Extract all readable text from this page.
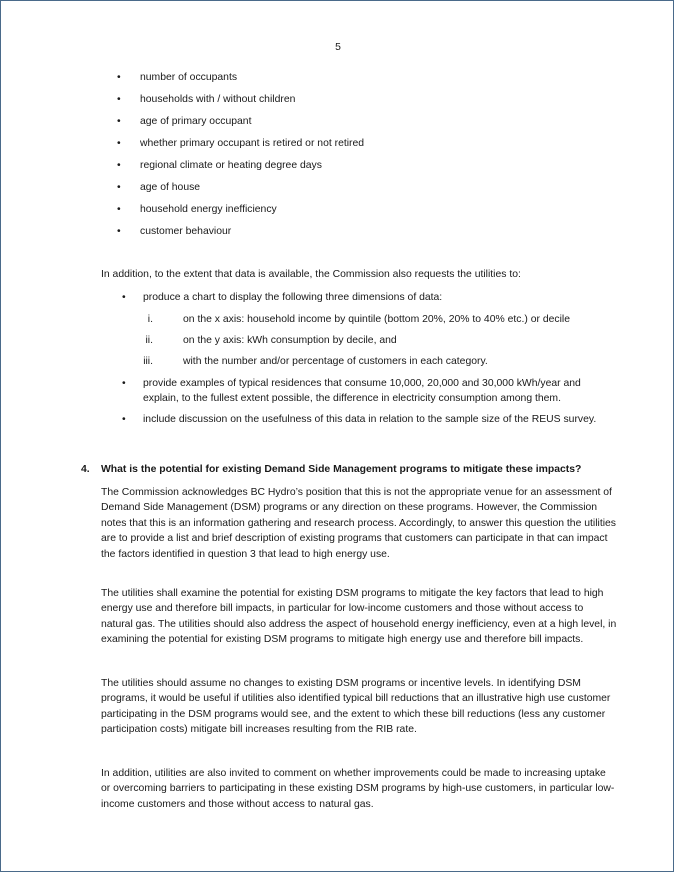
5
• number of occupants
• households with / without children
• age of primary occupant
• whether primary occupant is retired or not retired
• regional climate or heating degree days
• age of house
• household energy inefficiency
• customer behaviour
In addition, to the extent that data is available, the Commission also requests the utilities to:
• produce a chart to display the following three dimensions of data:
i.	on the x axis: household income by quintile (bottom 20%, 20% to 40% etc.) or decile
ii.	on the y axis: kWh consumption by decile, and
iii.	with the number and/or percentage of customers in each category.
• provide examples of typical residences that consume 10,000, 20,000 and 30,000 kWh/year and explain, to the fullest extent possible, the difference in electricity consumption among them.
• include discussion on the usefulness of this data in relation to the sample size of the REUS survey.
4. What is the potential for existing Demand Side Management programs to mitigate these impacts?
The Commission acknowledges BC Hydro’s position that this is not the appropriate venue for an assessment of Demand Side Management (DSM) programs or any direction on these programs. However, the Commission notes that this is an information gathering and research process. Accordingly, to answer this question the utilities are to provide a list and brief description of existing programs that customers can participate in that can impact the factors identified in question 3 that lead to high energy use.
The utilities shall examine the potential for existing DSM programs to mitigate the key factors that lead to high energy use and therefore bill impacts, in particular for low-income customers and those without access to natural gas. The utilities should also address the aspect of household energy inefficiency, even at a high level, in examining the potential for existing DSM programs to mitigate high energy use and therefore bill impacts.
The utilities should assume no changes to existing DSM programs or incentive levels. In identifying DSM programs, it would be useful if utilities also identified typical bill reductions that an illustrative high use customer participating in the DSM programs would see, and the extent to which these bill reductions (less any customer participation costs) mitigate bill increases resulting from the RIB rate.
In addition, utilities are also invited to comment on whether improvements could be made to increasing uptake or overcoming barriers to participating in these existing DSM programs by high-use customers, in particular low-income customers and those without access to natural gas.
